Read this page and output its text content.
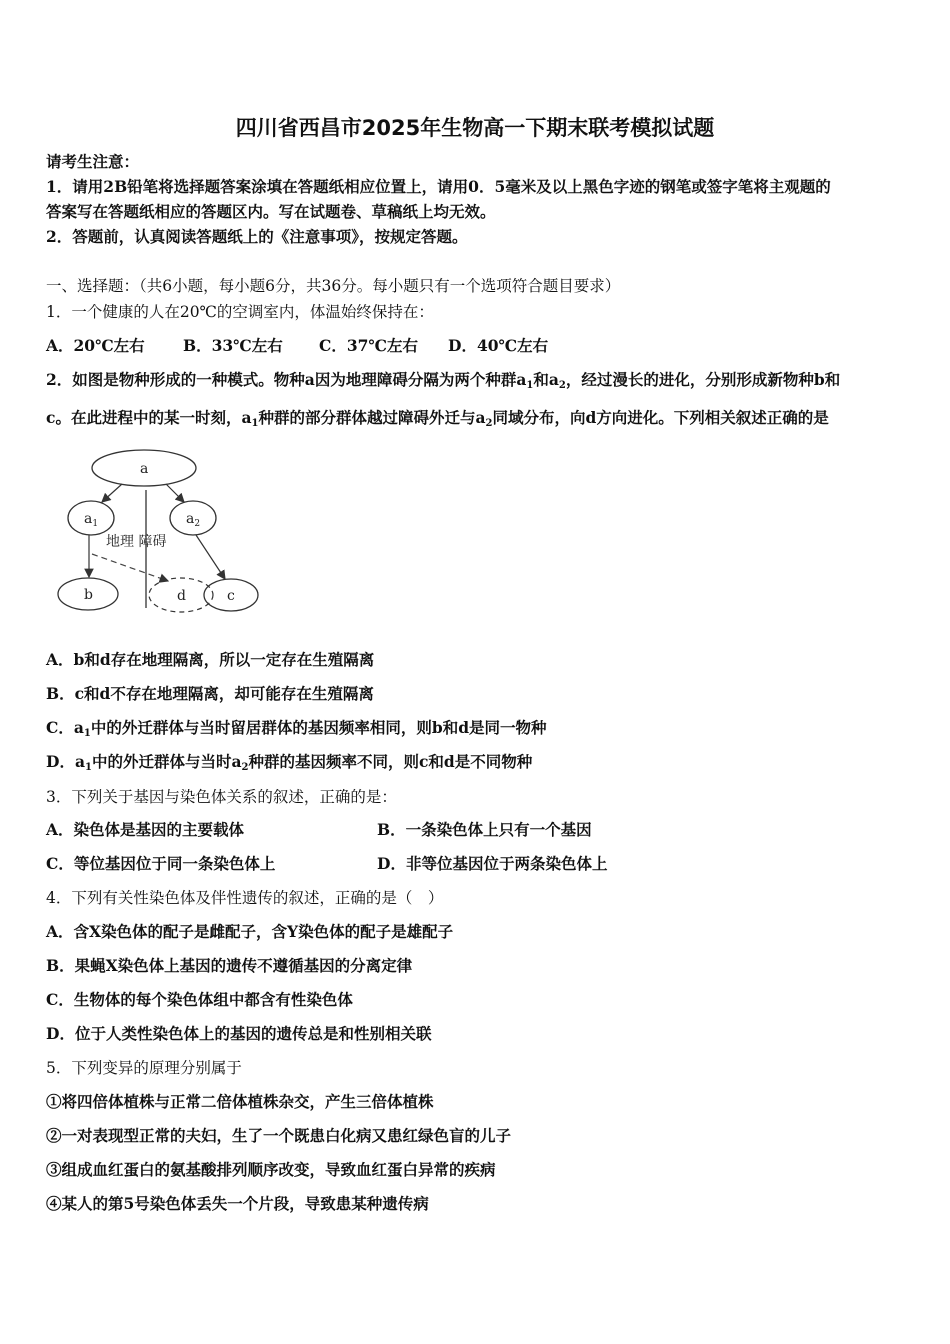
四川省西昌市2025年生物高一下期末联考模拟试题
请考生注意：
1．请用2B铅笔将选择题答案涂填在答题纸相应位置上，请用0．5毫米及以上黑色字迹的钢笔或签字笔将主观题的
答案写在答题纸相应的答题区内。写在试题卷、草稿纸上均无效。
2．答题前，认真阅读答题纸上的《注意事项》，按规定答题。
一、选择题：（共6小题，每小题6分，共36分。每小题只有一个选项符合题目要求）
1．一个健康的人在20℃的空调室内，体温始终保持在：
A．20℃左右 B．33℃左右 C．37℃左右 D．40℃左右
2．如图是物种形成的一种模式。物种a因为地理障碍分隔为两个种群$a_1$和$a_2$，经过漫长的进化，分别形成新物种b和
c。在此进程中的某一时刻，$a_1$种群的部分群体越过障碍外迁与$a_2$同域分布，向d方向进化。下列相关叙述正确的是
a
$a_1$	$a_2$
地理 障碍
b	d	c
A．b和d存在地理隔离，所以一定存在生殖隔离
B．c和d不存在地理隔离，却可能存在生殖隔离
C．$a_1$中的外迁群体与当时留居群体的基因频率相同，则b和d是同一物种
D．$a_1$中的外迁群体与当时$a_2$种群的基因频率不同，则c和d是不同物种
3．下列关于基因与染色体关系的叙述，正确的是：
A．染色体是基因的主要载体	B．一条染色体上只有一个基因
C．等位基因位于同一条染色体上	D．非等位基因位于两条染色体上
4．下列有关性染色体及伴性遗传的叙述，正确的是（　）
A．含X染色体的配子是雌配子，含Y染色体的配子是雄配子
B．果蝇X染色体上基因的遗传不遵循基因的分离定律
C．生物体的每个染色体组中都含有性染色体
D．位于人类性染色体上的基因的遗传总是和性别相关联
5．下列变异的原理分别属于
①将四倍体植株与正常二倍体植株杂交，产生三倍体植株
②一对表现型正常的夫妇，生了一个既患白化病又患红绿色盲的儿子
③组成血红蛋白的氨基酸排列顺序改变，导致血红蛋白异常的疾病
④某人的第5号染色体丢失一个片段，导致患某种遗传病
